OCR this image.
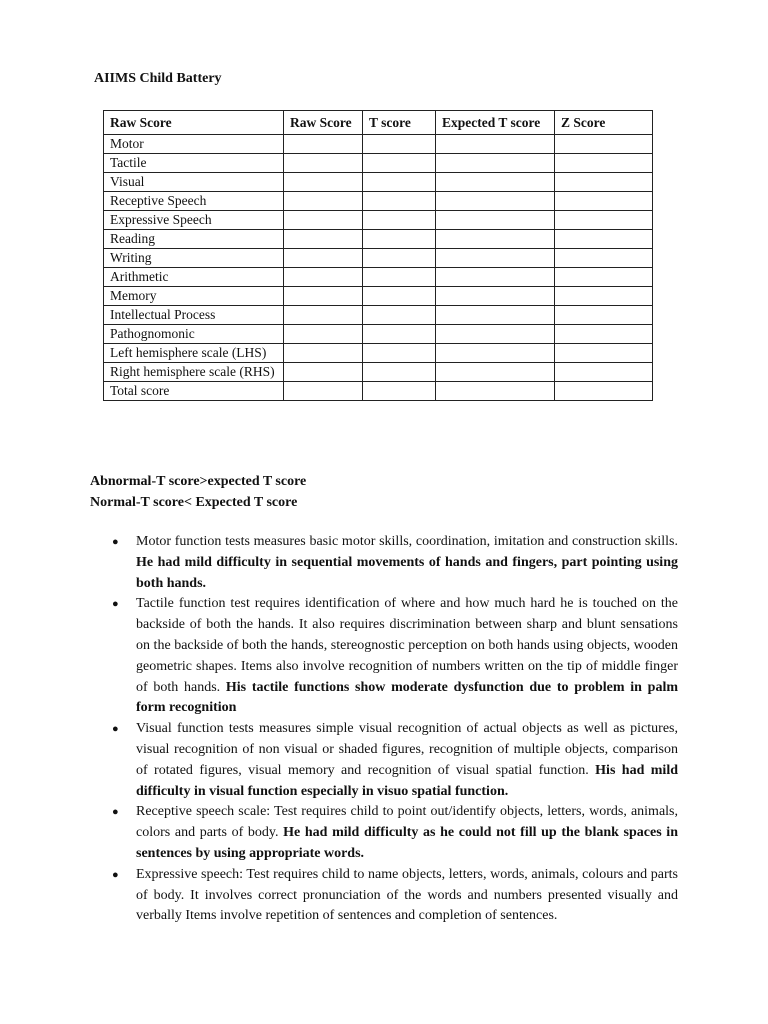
AIIMS Child Battery
Raw Score	Raw Score	T score	Expected T score	Z Score
Motor				
Tactile				
Visual				
Receptive Speech				
Expressive Speech				
Reading				
Writing				
Arithmetic				
Memory				
Intellectual Process				
Pathognomonic				
Left hemisphere scale (LHS)				
Right hemisphere scale (RHS)				
Total score				

Abnormal-T score>expected T score

Normal-T score< Expected T score

● Motor function tests measures basic motor skills, coordination, imitation and construction skills. He had mild difficulty in sequential movements of hands and fingers, part pointing using both hands.
● Tactile function test requires identification of where and how much hard he is touched on the backside of both the hands. It also requires discrimination between sharp and blunt sensations on the backside of both the hands, stereognostic perception on both hands using objects, wooden geometric shapes. Items also involve recognition of numbers written on the tip of middle finger of both hands. His tactile functions show moderate dysfunction due to problem in palm form recognition
● Visual function tests measures simple visual recognition of actual objects as well as pictures, visual recognition of non visual or shaded figures, recognition of multiple objects, comparison of rotated figures, visual memory and recognition of visual spatial function. His had mild difficulty in visual function especially in visuo spatial function.
● Receptive speech scale: Test requires child to point out/identify objects, letters, words, animals, colors and parts of body. He had mild difficulty as he could not fill up the blank spaces in sentences by using appropriate words.
● Expressive speech: Test requires child to name objects, letters, words, animals, colours and parts of body. It involves correct pronunciation of the words and numbers presented visually and verbally Items involve repetition of sentences and completion of sentences.
